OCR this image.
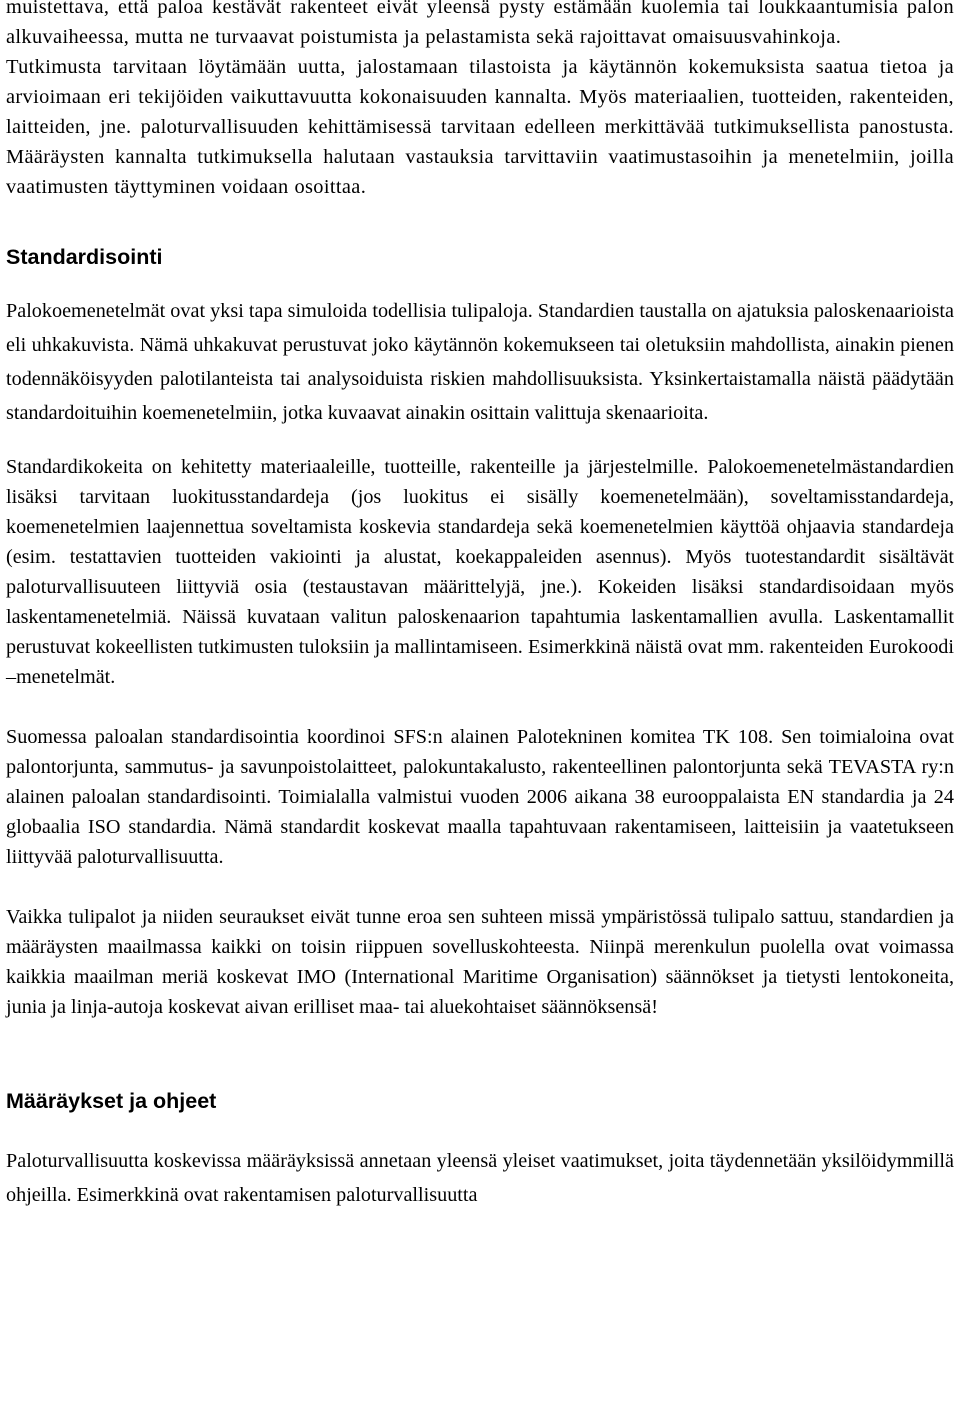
muistettava, että paloa kestävät rakenteet eivät yleensä pysty estämään kuolemia tai loukkaantumisia palon alkuvaiheessa, mutta ne turvaavat poistumista ja pelastamista sekä rajoittavat omaisuusvahinkoja.

Tutkimusta tarvitaan löytämään uutta, jalostamaan tilastoista ja käytännön kokemuksista saatua tietoa ja arvioimaan eri tekijöiden vaikuttavuutta kokonaisuuden kannalta. Myös materiaalien, tuotteiden, rakenteiden, laitteiden, jne. paloturvallisuuden kehittämisessä tarvitaan edelleen merkittävää tutkimuksellista panostusta. Määräysten kannalta tutkimuksella halutaan vastauksia tarvittaviin vaatimustasoihin ja menetelmiin, joilla vaatimusten täyttyminen voidaan osoittaa.

Standardisointi

Palokoemenetelmät ovat yksi tapa simuloida todellisia tulipaloja. Standardien taustalla on ajatuksia paloskenaarioista eli uhkakuvista. Nämä uhkakuvat perustuvat joko käytännön kokemukseen tai oletuksiin mahdollista, ainakin pienen todennäköisyyden palotilanteista tai analysoiduista riskien mahdollisuuksista. Yksinkertaistamalla näistä päädytään standardoituihin koemenetelmiin, jotka kuvaavat ainakin osittain valittuja skenaarioita.

Standardikokeita on kehitetty materiaaleille, tuotteille, rakenteille ja järjestelmille. Palokoemenetelmästandardien lisäksi tarvitaan luokitusstandardeja (jos luokitus ei sisälly koemenetelmään), soveltamisstandardeja, koemenetelmien laajennettua soveltamista koskevia standardeja sekä koemenetelmien käyttöä ohjaavia standardeja (esim. testattavien tuotteiden vakiointi ja alustat, koekappaleiden asennus). Myös tuotestandardit sisältävät paloturvallisuuteen liittyviä osia (testaustavan määrittelyjä, jne.). Kokeiden lisäksi standardisoidaan myös laskentamenetelmiä. Näissä kuvataan valitun paloskenaarion tapahtumia laskentamallien avulla. Laskentamallit perustuvat kokeellisten tutkimusten tuloksiin ja mallintamiseen. Esimerkkinä näistä ovat mm. rakenteiden Eurokoodi –menetelmät.

Suomessa paloalan standardisointia koordinoi SFS:n alainen Palotekninen komitea TK 108. Sen toimialoina ovat palontorjunta, sammutus- ja savunpoistolaitteet, palokuntakalusto, rakenteellinen palontorjunta sekä TEVASTA ry:n alainen paloalan standardisointi. Toimialalla valmistui vuoden 2006 aikana 38 eurooppalaista EN standardia ja 24 globaalia ISO standardia. Nämä standardit koskevat maalla tapahtuvaan rakentamiseen, laitteisiin ja vaatetukseen liittyvää paloturvallisuutta.

Vaikka tulipalot ja niiden seuraukset eivät tunne eroa sen suhteen missä ympäristössä tulipalo sattuu, standardien ja määräysten maailmassa kaikki on toisin riippuen sovelluskohteesta. Niinpä merenkulun puolella ovat voimassa kaikkia maailman meriä koskevat IMO (International Maritime Organisation) säännökset ja tietysti lentokoneita, junia ja linja-autoja koskevat aivan erilliset maa- tai aluekohtaiset säännöksensä!

Määräykset ja ohjeet

Paloturvallisuutta koskevissa määräyksissä annetaan yleensä yleiset vaatimukset, joita täydennetään yksilöidymmillä ohjeilla. Esimerkkinä ovat rakentamisen paloturvallisuutta
